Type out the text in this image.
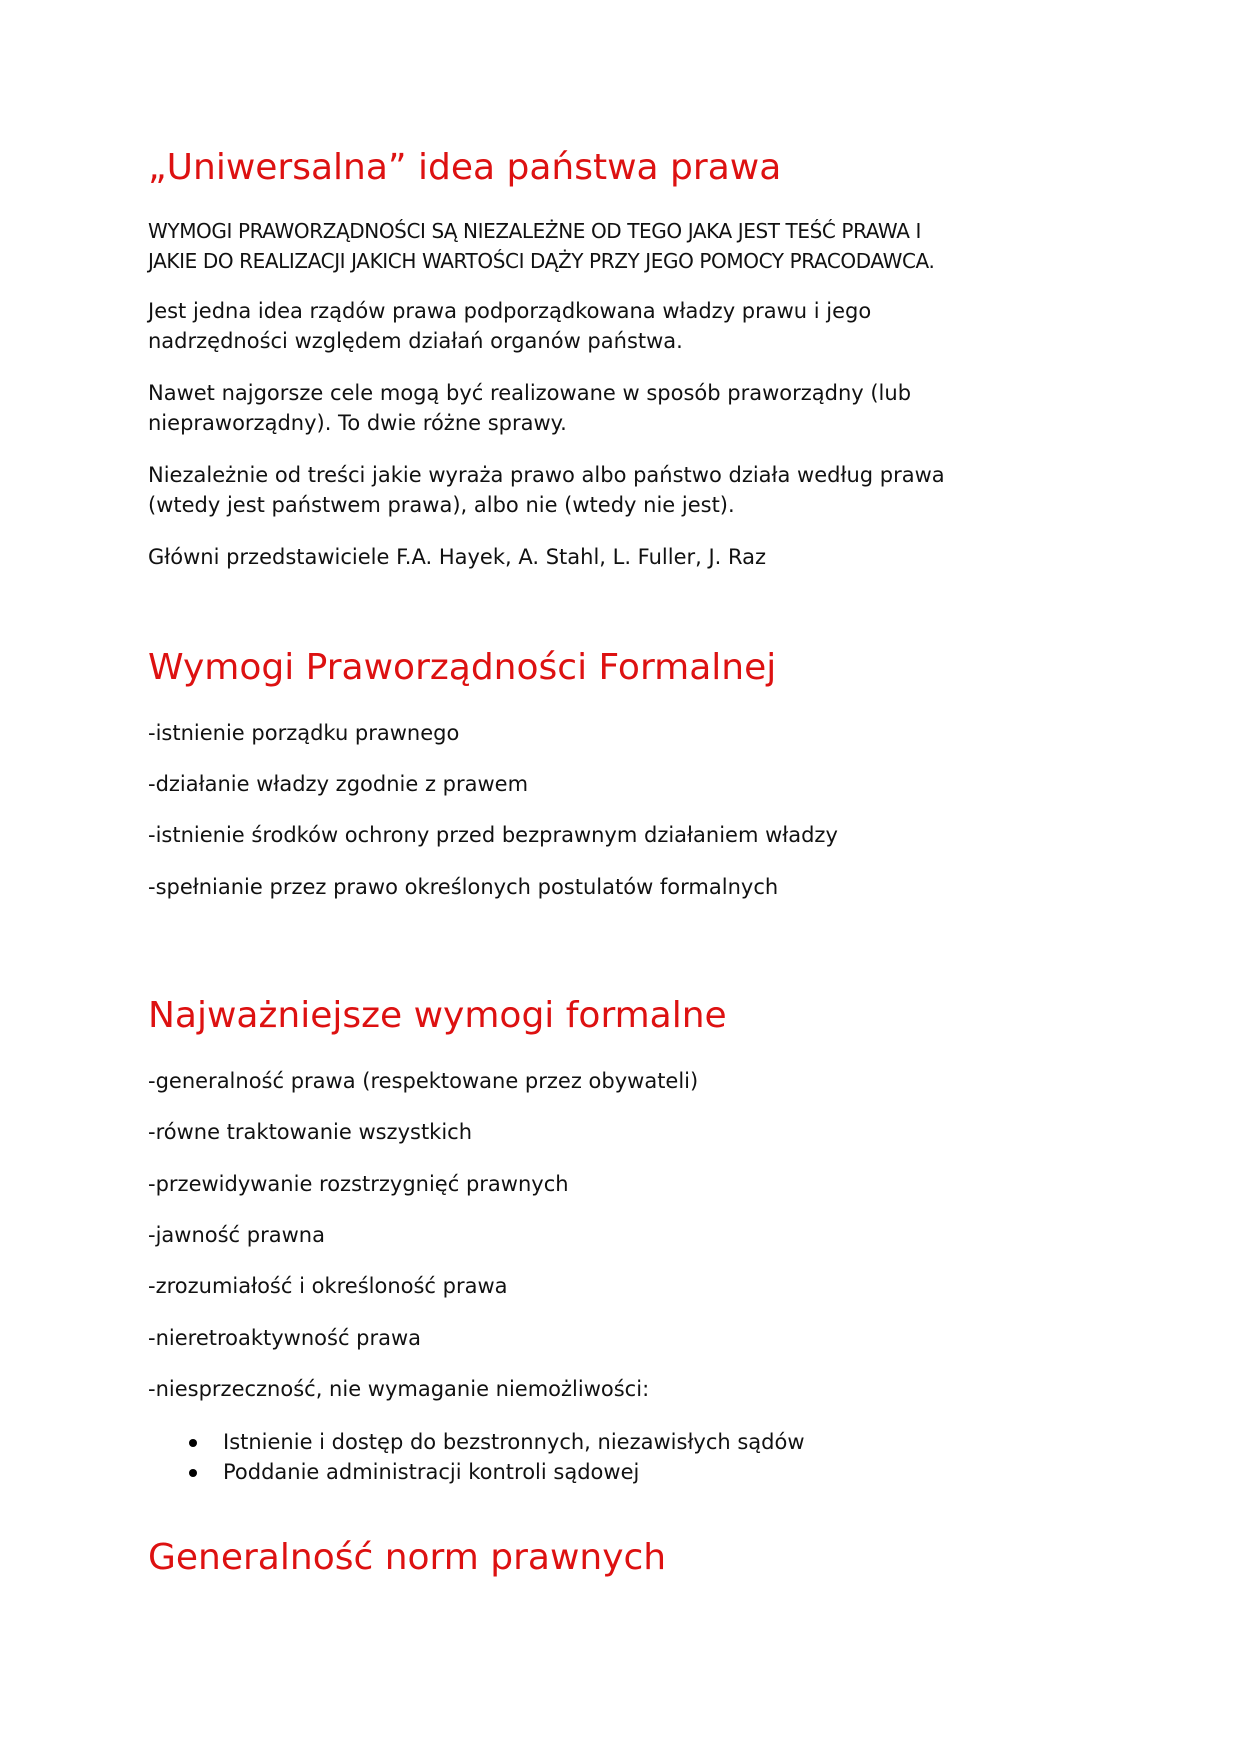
„Uniwersalna” idea państwa prawa

WYMOGI PRAWORZĄDNOŚCI SĄ NIEZALEŻNE OD TEGO JAKA JEST TEŚĆ PRAWA I

JAKIE DO REALIZACJI JAKICH WARTOŚCI DĄŻY PRZY JEGO POMOCY PRACODAWCA.

Jest jedna idea rządów prawa podporządkowana władzy prawu i jego

nadrzędności względem działań organów państwa.

Nawet najgorsze cele mogą być realizowane w sposób praworządny (lub

niepraworządny). To dwie różne sprawy.

Niezależnie od treści jakie wyraża prawo albo państwo działa według prawa

(wtedy jest państwem prawa), albo nie (wtedy nie jest).

Główni przedstawiciele F.A. Hayek, A. Stahl, L. Fuller, J. Raz

Wymogi Praworządności Formalnej

-istnienie porządku prawnego

-działanie władzy zgodnie z prawem

-istnienie środków ochrony przed bezprawnym działaniem władzy

-spełnianie przez prawo określonych postulatów formalnych

Najważniejsze wymogi formalne

-generalność prawa (respektowane przez obywateli)

-równe traktowanie wszystkich

-przewidywanie rozstrzygnięć prawnych

-jawność prawna

-zrozumiałość i określoność prawa

-nieretroaktywność prawa

-niesprzeczność, nie wymaganie niemożliwości:

Istnienie i dostęp do bezstronnych, niezawisłych sądów
Poddanie administracji kontroli sądowej
Generalność norm prawnych
